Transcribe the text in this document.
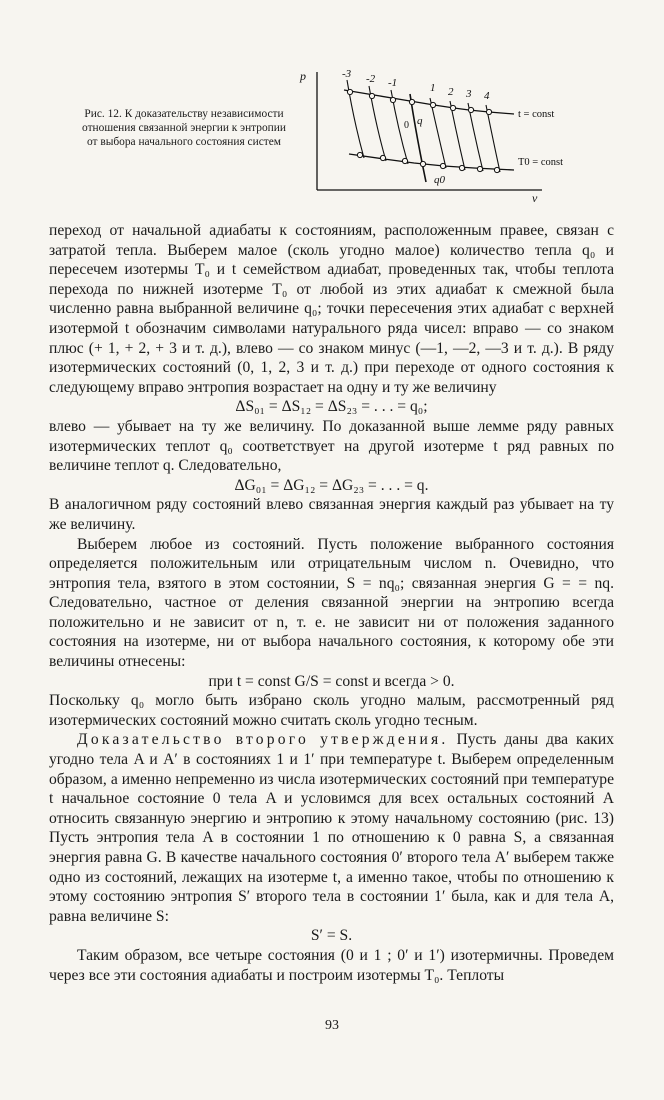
Рис. 12. К доказательству независимости отношения связанной энергии к энтропии от выбора начального состояния систем
p
v
-3 -2 -1	1 2 3 4
0 q
q0
t = const
T0 = const

переход от начальной адиабаты к состояниям, расположенным правее, связан с затратой тепла. Выберем малое (сколь угодно малое) количество тепла q₀ и пересечем изотермы T₀ и t семейством адиабат, проведенных так, чтобы теплота перехода по нижней изотерме T₀ от любой из этих адиабат к смежной была численно равна выбранной величине q₀; точки пересечения этих адиабат с верхней изотермой t обозначим символами натурального ряда чисел: вправо — со знаком плюс (+ 1, + 2, + 3 и т. д.), влево — со знаком минус (—1, —2, —3 и т. д.). В ряду изотермических состояний (0, 1, 2, 3 и т. д.) при переходе от одного состояния к следующему вправо энтропия возрастает на одну и ту же величину

ΔS₀₁ = ΔS₁₂ = ΔS₂₃ = . . . = q₀;

влево — убывает на ту же величину. По доказанной выше лемме ряду равных изотермических теплот q₀ соответствует на другой изотерме t ряд равных по величине теплот q. Следовательно,

ΔG₀₁ = ΔG₁₂ = ΔG₂₃ = . . . = q.

В аналогичном ряду состояний влево связанная энергия каждый раз убывает на ту же величину.

Выберем любое из состояний. Пусть положение выбранного состояния определяется положительным или отрицательным числом n. Очевидно, что энтропия тела, взятого в этом состоянии, S = nq₀; связанная энергия G = = nq. Следовательно, частное от деления связанной энергии на энтропию всегда положительно и не зависит от n, т. е. не зависит ни от положения заданного состояния на изотерме, ни от выбора начального состояния, к которому обе эти величины отнесены:

при t = const G/S = const и всегда > 0.

Поскольку q₀ могло быть избрано сколь угодно малым, рассмотренный ряд изотермических состояний можно считать сколь угодно тесным.

Доказательство второго утверждения. Пусть даны два каких угодно тела A и A′ в состояниях 1 и 1′ при температуре t. Выберем определенным образом, а именно непременно из числа изотермических состояний при температуре t начальное состояние 0 тела A и условимся для всех остальных состояний A относить связанную энергию и энтропию к этому начальному состоянию (рис. 13) Пусть энтропия тела A в состоянии 1 по отношению к 0 равна S, а связанная энергия равна G. В качестве начального состояния 0′ второго тела A′ выберем также одно из состояний, лежащих на изотерме t, а именно такое, чтобы по отношению к этому состоянию энтропия S′ второго тела в состоянии 1′ была, как и для тела A, равна величине S:

S′ = S.

Таким образом, все четыре состояния (0 и 1 ; 0′ и 1′) изотермичны. Проведем через все эти состояния адиабаты и построим изотермы T₀. Теплоты

93
